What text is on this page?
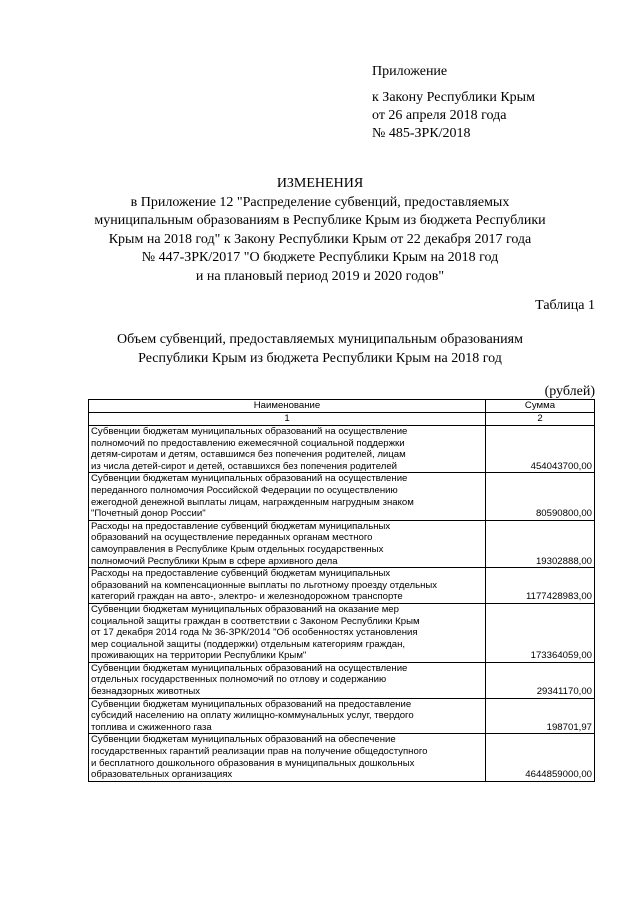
Приложение
к Закону Республики Крым
от 26 апреля 2018 года
№ 485-ЗРК/2018
ИЗМЕНЕНИЯ
в Приложение 12 "Распределение субвенций, предоставляемых
муниципальным образованиям в Республике Крым из бюджета Республики
Крым на 2018 год" к Закону Республики Крым от 22 декабря 2017 года
№ 447-ЗРК/2017 "О бюджете Республики Крым на 2018 год
и на плановый период 2019 и 2020 годов"
Таблица 1
Объем субвенций, предоставляемых муниципальным образованиям
Республики Крым из бюджета Республики Крым на 2018 год
(рублей)
Наименование	Сумма
1	2

Субвенции бюджетам муниципальных образований на осуществление
полномочий по предоставлению ежемесячной социальной поддержки
детям-сиротам и детям, оставшимся без попечения родителей, лицам
из числа детей-сирот и детей, оставшихся без попечения родителей	454043700,00

Субвенции бюджетам муниципальных образований на осуществление
переданного полномочия Российской Федерации по осуществлению
ежегодной денежной выплаты лицам, награжденным нагрудным знаком
"Почетный донор России"	80590800,00

Расходы на предоставление субвенций бюджетам муниципальных
образований на осуществление переданных органам местного
самоуправления в Республике Крым отдельных государственных
полномочий Республики Крым в сфере архивного дела	19302888,00

Расходы на предоставление субвенций бюджетам муниципальных
образований на компенсационные выплаты по льготному проезду отдельных
категорий граждан на авто-, электро- и железнодорожном транспорте	1177428983,00

Субвенции бюджетам муниципальных образований на оказание мер
социальной защиты граждан в соответствии с Законом Республики Крым
от 17 декабря 2014 года № 36-ЗРК/2014 "Об особенностях установления
мер социальной защиты (поддержки) отдельным категориям граждан,
проживающих на территории Республики Крым"	173364059,00

Субвенции бюджетам муниципальных образований на осуществление
отдельных государственных полномочий по отлову и содержанию
безнадзорных животных	29341170,00

Субвенции бюджетам муниципальных образований на предоставление
субсидий населению на оплату жилищно-коммунальных услуг, твердого
топлива и сжиженного газа	198701,97

Субвенции бюджетам муниципальных образований на обеспечение
государственных гарантий реализации прав на получение общедоступного
и бесплатного дошкольного образования в муниципальных дошкольных
образовательных организациях	4644859000,00
